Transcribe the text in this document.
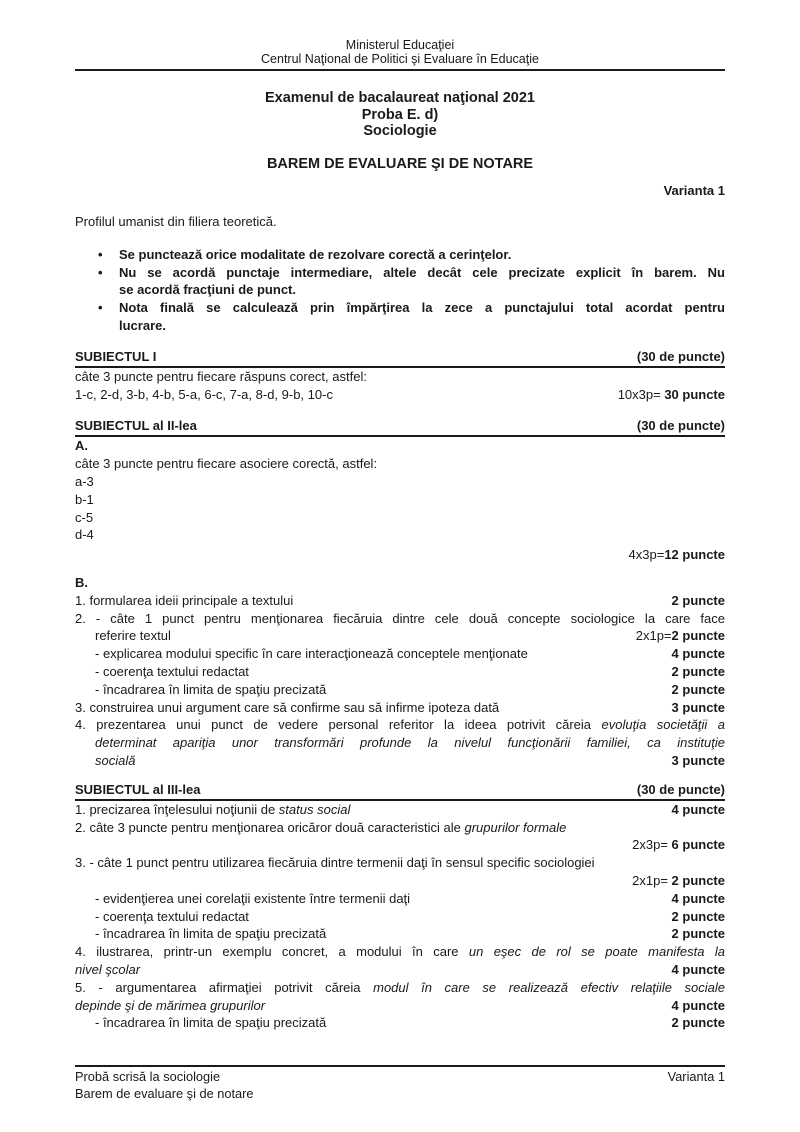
Ministerul Educaţiei
Centrul Naţional de Politici şi Evaluare în Educaţie
Examenul de bacalaureat naţional 2021
Proba E. d)
Sociologie
BAREM DE EVALUARE ŞI DE NOTARE
Varianta 1
Profilul umanist din filiera teoretică.
•	Se punctează orice modalitate de rezolvare corectă a cerinţelor.
•	Nu se acordă punctaje intermediare, altele decât cele precizate explicit în barem. Nu
se acordă fracţiuni de punct.
•	Nota finală se calculează prin împărţirea la zece a punctajului total acordat pentru
lucrare.
SUBIECTUL I	(30 de puncte)
câte 3 puncte pentru fiecare răspuns corect, astfel:
1-c, 2-d, 3-b, 4-b, 5-a, 6-c, 7-a, 8-d, 9-b, 10-c	10x3p= 30 puncte
SUBIECTUL al II-lea	(30 de puncte)
A.
câte 3 puncte pentru fiecare asociere corectă, astfel:
a-3
b-1
c-5
d-4
4x3p=12 puncte
B.
1. formularea ideii principale a textului	2 puncte
2. - câte 1 punct pentru menţionarea fiecăruia dintre cele două concepte sociologice la care face
referire textul	2x1p=2 puncte
- explicarea modului specific în care interacţionează conceptele menţionate	4 puncte
- coerenţa textului redactat	2 puncte
- încadrarea în limita de spaţiu precizată	2 puncte
3. construirea unui argument care să confirme sau să infirme ipoteza dată	3 puncte
4. prezentarea unui punct de vedere personal referitor la ideea potrivit căreia evoluţia societăţii a
determinat apariţia unor transformări profunde la nivelul funcţionării familiei, ca instituţie
socială	3 puncte
SUBIECTUL al III-lea	(30 de puncte)
1. precizarea înţelesului noţiunii de status social	4 puncte
2. câte 3 puncte pentru menţionarea oricăror două caracteristici ale grupurilor formale
2x3p= 6 puncte
3. - câte 1 punct pentru utilizarea fiecăruia dintre termenii daţi în sensul specific sociologiei
2x1p= 2 puncte
- evidenţierea unei corelaţii existente între termenii daţi	4 puncte
- coerenţa textului redactat	2 puncte
- încadrarea în limita de spaţiu precizată	2 puncte
4. ilustrarea, printr-un exemplu concret, a modului în care un eşec de rol se poate manifesta la
nivel şcolar	4 puncte
5. - argumentarea afirmaţiei potrivit căreia modul în care se realizează efectiv relaţiile sociale
depinde şi de mărimea grupurilor	4 puncte
- încadrarea în limita de spaţiu precizată	2 puncte
Probă scrisă la sociologie	Varianta 1
Barem de evaluare şi de notare
